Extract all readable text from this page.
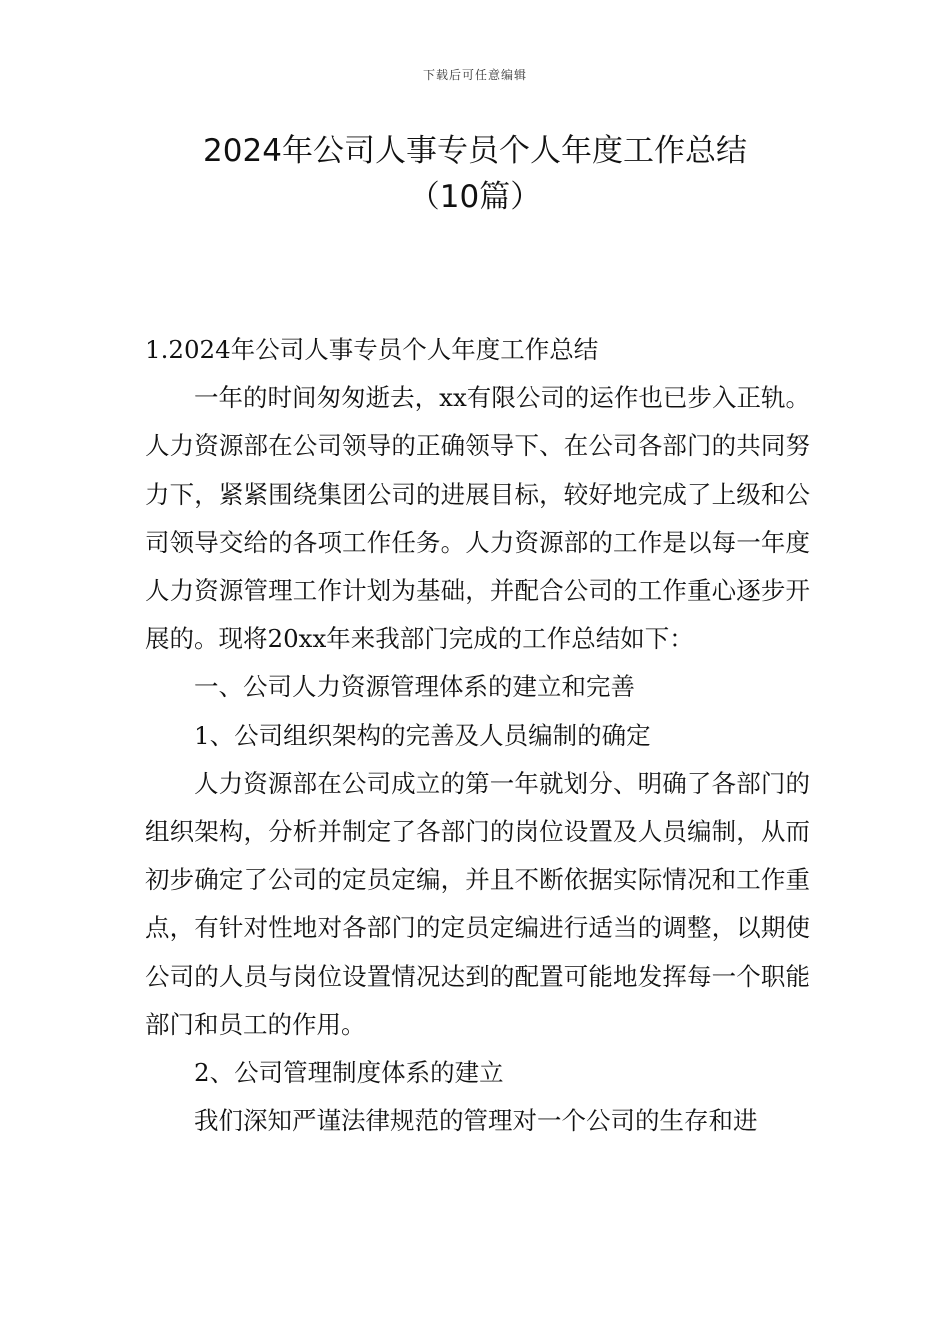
下载后可任意编辑
2024年公司人事专员个人年度工作总结
（10篇）

1.2024年公司人事专员个人年度工作总结

一年的时间匆匆逝去，xx有限公司的运作也已步入正轨。人力资源部在公司领导的正确领导下、在公司各部门的共同努力下，紧紧围绕集团公司的进展目标，较好地完成了上级和公司领导交给的各项工作任务。人力资源部的工作是以每一年度人力资源管理工作计划为基础，并配合公司的工作重心逐步开展的。现将20xx年来我部门完成的工作总结如下：

一、公司人力资源管理体系的建立和完善

1、公司组织架构的完善及人员编制的确定

人力资源部在公司成立的第一年就划分、明确了各部门的组织架构，分析并制定了各部门的岗位设置及人员编制，从而初步确定了公司的定员定编，并且不断依据实际情况和工作重点，有针对性地对各部门的定员定编进行适当的调整，以期使公司的人员与岗位设置情况达到的配置可能地发挥每一个职能部门和员工的作用。

2、公司管理制度体系的建立

我们深知严谨法律规范的管理对一个公司的生存和进
